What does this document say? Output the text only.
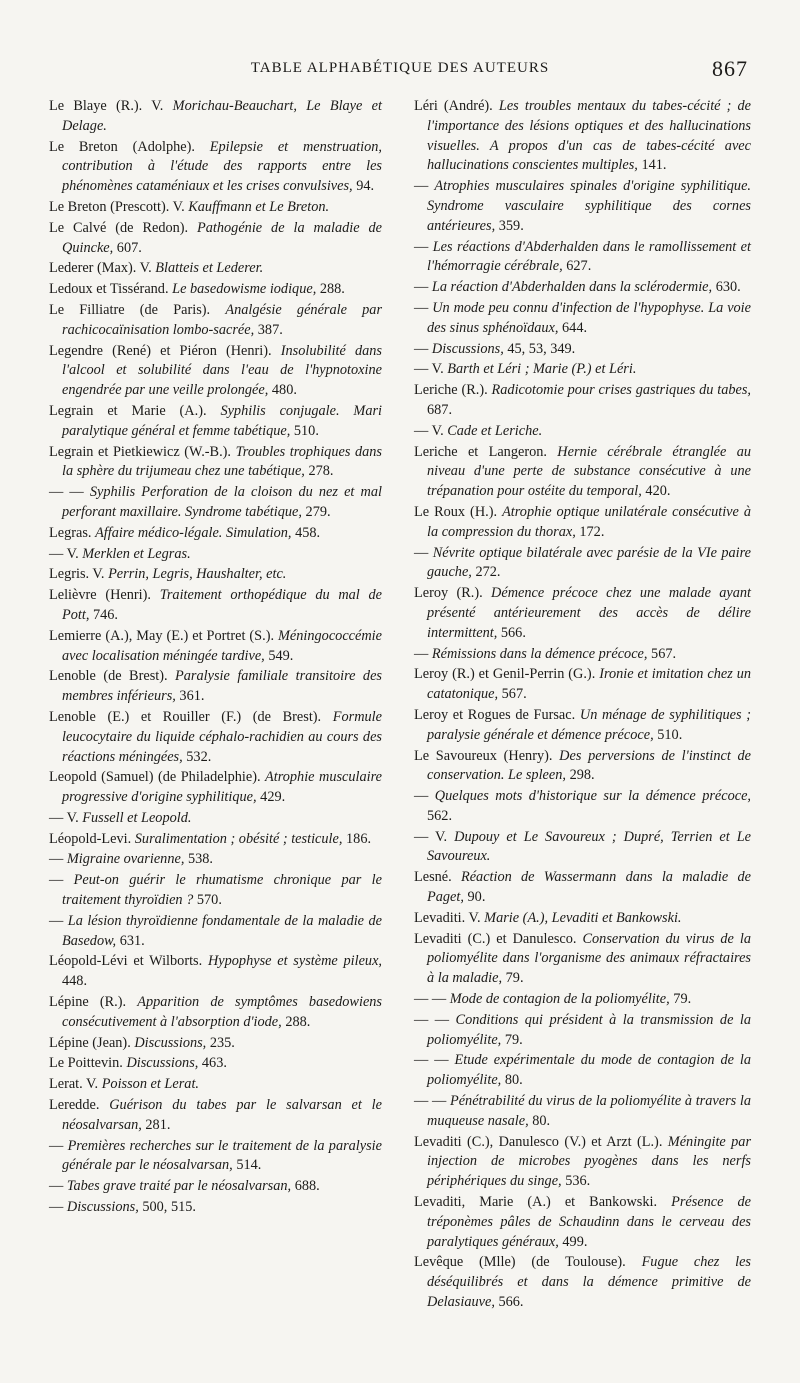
TABLE ALPHABÉTIQUE DES AUTEURS	867

Le Blaye (R.). V. Morichau-Beauchart, Le Blaye et Delage.

Le Breton (Adolphe). Epilepsie et menstruation, contribution à l'étude des rapports entre les phénomènes cataméniaux et les crises convulsives, 94.

Le Breton (Prescott). V. Kauffmann et Le Breton.

Le Calvé (de Redon). Pathogénie de la maladie de Quincke, 607.

Lederer (Max). V. Blatteis et Lederer.

Ledoux et Tissérand. Le basedowisme iodique, 288.

Le Filliatre (de Paris). Analgésie générale par rachicocaïnisation lombo-sacrée, 387.

Legendre (René) et Piéron (Henri). Insolubilité dans l'alcool et solubilité dans l'eau de l'hypnotoxine engendrée par une veille prolongée, 480.

Legrain et Marie (A.). Syphilis conjugale. Mari paralytique général et femme tabétique, 510.

Legrain et Pietkiewicz (W.-B.). Troubles trophiques dans la sphère du trijumeau chez une tabétique, 278.

— — Syphilis Perforation de la cloison du nez et mal perforant maxillaire. Syndrome tabétique, 279.

Legras. Affaire médico-légale. Simulation, 458.

— V. Merklen et Legras.

Legris. V. Perrin, Legris, Haushalter, etc.

Lelièvre (Henri). Traitement orthopédique du mal de Pott, 746.

Lemierre (A.), May (E.) et Portret (S.). Méningococcémie avec localisation méningée tardive, 549.

Lenoble (de Brest). Paralysie familiale transitoire des membres inférieurs, 361.

Lenoble (E.) et Rouiller (F.) (de Brest). Formule leucocytaire du liquide céphalo-rachidien au cours des réactions méningées, 532.

Leopold (Samuel) (de Philadelphie). Atrophie musculaire progressive d'origine syphilitique, 429.

— V. Fussell et Leopold.

Léopold-Levi. Suralimentation ; obésité ; testicule, 186.

— Migraine ovarienne, 538.

— Peut-on guérir le rhumatisme chronique par le traitement thyroïdien ? 570.

— La lésion thyroïdienne fondamentale de la maladie de Basedow, 631.

Léopold-Lévi et Wilborts. Hypophyse et système pileux, 448.

Lépine (R.). Apparition de symptômes basedowiens consécutivement à l'absorption d'iode, 288.

Lépine (Jean). Discussions, 235.

Le Poittevin. Discussions, 463.

Lerat. V. Poisson et Lerat.

Leredde. Guérison du tabes par le salvarsan et le néosalvarsan, 281.

— Premières recherches sur le traitement de la paralysie générale par le néosalvarsan, 514.

— Tabes grave traité par le néosalvarsan, 688.

— Discussions, 500, 515.

Léri (André). Les troubles mentaux du tabes-cécité ; de l'importance des lésions optiques et des hallucinations visuelles. A propos d'un cas de tabes-cécité avec hallucinations conscientes multiples, 141.

— Atrophies musculaires spinales d'origine syphilitique. Syndrome vasculaire syphilitique des cornes antérieures, 359.

— Les réactions d'Abderhalden dans le ramollissement et l'hémorragie cérébrale, 627.

— La réaction d'Abderhalden dans la sclérodermie, 630.

— Un mode peu connu d'infection de l'hypophyse. La voie des sinus sphénoïdaux, 644.

— Discussions, 45, 53, 349.

— V. Barth et Léri ; Marie (P.) et Léri.

Leriche (R.). Radicotomie pour crises gastriques du tabes, 687.

— V. Cade et Leriche.

Leriche et Langeron. Hernie cérébrale étranglée au niveau d'une perte de substance consécutive à une trépanation pour ostéite du temporal, 420.

Le Roux (H.). Atrophie optique unilatérale consécutive à la compression du thorax, 172.

— Névrite optique bilatérale avec parésie de la VIe paire gauche, 272.

Leroy (R.). Démence précoce chez une malade ayant présenté antérieurement des accès de délire intermittent, 566.

— Rémissions dans la démence précoce, 567.

Leroy (R.) et Genil-Perrin (G.). Ironie et imitation chez un catatonique, 567.

Leroy et Rogues de Fursac. Un ménage de syphilitiques ; paralysie générale et démence précoce, 510.

Le Savoureux (Henry). Des perversions de l'instinct de conservation. Le spleen, 298.

— Quelques mots d'historique sur la démence précoce, 562.

— V. Dupouy et Le Savoureux ; Dupré, Terrien et Le Savoureux.

Lesné. Réaction de Wassermann dans la maladie de Paget, 90.

Levaditi. V. Marie (A.), Levaditi et Bankowski.

Levaditi (C.) et Danulesco. Conservation du virus de la poliomyélite dans l'organisme des animaux réfractaires à la maladie, 79.

— — Mode de contagion de la poliomyélite, 79.

— — Conditions qui président à la transmission de la poliomyélite, 79.

— — Etude expérimentale du mode de contagion de la poliomyélite, 80.

— — Pénétrabilité du virus de la poliomyélite à travers la muqueuse nasale, 80.

Levaditi (C.), Danulesco (V.) et Arzt (L.). Méningite par injection de microbes pyogènes dans les nerfs périphériques du singe, 536.

Levaditi, Marie (A.) et Bankowski. Présence de tréponèmes pâles de Schaudinn dans le cerveau des paralytiques généraux, 499.

Levêque (Mlle) (de Toulouse). Fugue chez les déséquilibrés et dans la démence primitive de Delasiauve, 566.
